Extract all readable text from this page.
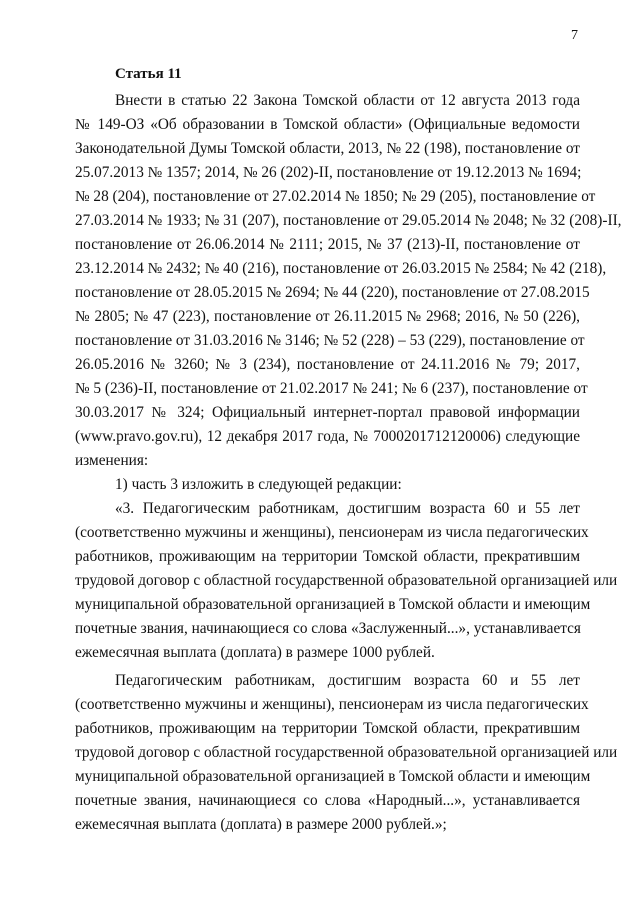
7
Статья 11
Внести в статью 22 Закона Томской области от 12 августа 2013 года
№ 149-ОЗ «Об образовании в Томской области» (Официальные ведомости
Законодательной Думы Томской области, 2013, № 22 (198), постановление от
25.07.2013 № 1357; 2014, № 26 (202)-II, постановление от 19.12.2013 № 1694;
№ 28 (204), постановление от 27.02.2014 № 1850; № 29 (205), постановление от
27.03.2014 № 1933; № 31 (207), постановление от 29.05.2014 № 2048; № 32 (208)-II,
постановление от 26.06.2014 № 2111; 2015, № 37 (213)-II, постановление от
23.12.2014 № 2432; № 40 (216), постановление от 26.03.2015 № 2584; № 42 (218),
постановление от 28.05.2015 № 2694; № 44 (220), постановление от 27.08.2015
№ 2805; № 47 (223), постановление от 26.11.2015 № 2968; 2016, № 50 (226),
постановление от 31.03.2016 № 3146; № 52 (228) – 53 (229), постановление от
26.05.2016 № 3260; № 3 (234), постановление от 24.11.2016 № 79; 2017,
№ 5 (236)-II, постановление от 21.02.2017 № 241; № 6 (237), постановление от
30.03.2017 № 324; Официальный интернет-портал правовой информации
(www.pravo.gov.ru), 12 декабря 2017 года, № 7000201712120006) следующие
изменения:
1) часть 3 изложить в следующей редакции:
«3. Педагогическим работникам, достигшим возраста 60 и 55 лет
(соответственно мужчины и женщины), пенсионерам из числа педагогических
работников, проживающим на территории Томской области, прекратившим
трудовой договор с областной государственной образовательной организацией или
муниципальной образовательной организацией в Томской области и имеющим
почетные звания, начинающиеся со слова «Заслуженный...», устанавливается
ежемесячная выплата (доплата) в размере 1000 рублей.
Педагогическим работникам, достигшим возраста 60 и 55 лет
(соответственно мужчины и женщины), пенсионерам из числа педагогических
работников, проживающим на территории Томской области, прекратившим
трудовой договор с областной государственной образовательной организацией или
муниципальной образовательной организацией в Томской области и имеющим
почетные звания, начинающиеся со слова «Народный...», устанавливается
ежемесячная выплата (доплата) в размере 2000 рублей.»;
